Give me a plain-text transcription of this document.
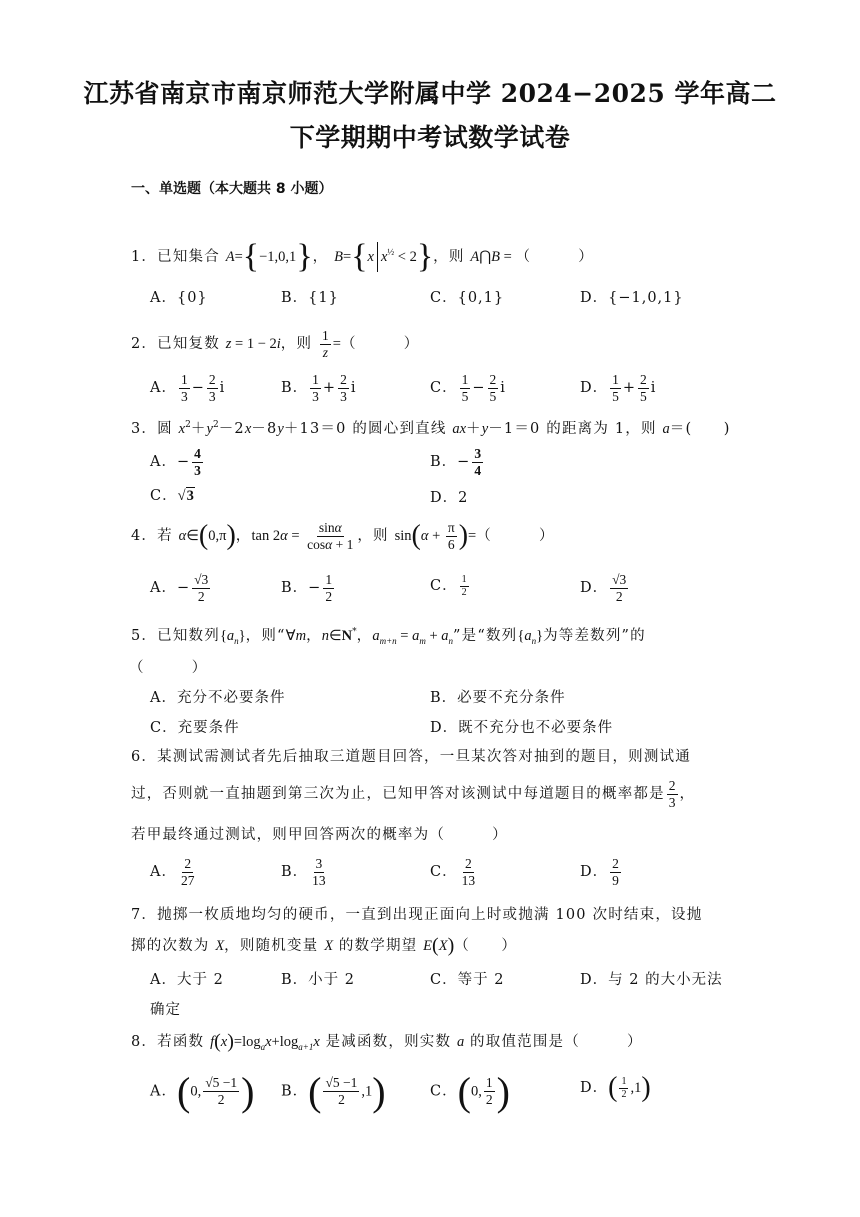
江苏省南京市南京师范大学附属中学 2024−2025 学年高二
下学期期中考试数学试卷
一、单选题（本大题共 8 小题）
1．已知集合 A={−1,0,1}， B={x $x^{\frac{1}{2}} < 2$}，则 A⋂B = （　　　）
A．{0}	B．{1}	C．{0,1}	D．{−1,0,1}
2．已知复数 z = 1 − 2i，则 $\frac{1}{z}$ =（　　　）
A． $\frac{1}{3} - \frac{2}{3}$ i	B． $\frac{1}{3} + \frac{2}{3}$ i	C． $\frac{1}{5} - \frac{2}{5}$ i	D． $\frac{1}{5} + \frac{2}{5}$ i
3．圆 $x^2+y^2-2x-8y+13=0$ 的圆心到直线 ax＋y－1＝0 的距离为 1，则 a＝(　　)
A．− $\frac{4}{3}$	B．− $\frac{3}{4}$
C．√3	D．2
4．若 α∈(0,π)，$\tan 2\alpha = \frac{\sin\alpha}{\cos\alpha + 1}$ ，则 $\sin(\alpha + \frac{\pi}{6}$ )=（　　　）
A．− $\frac{√3}{2}$	B．− $\frac{1}{2}$	C． $\frac{1}{2}$	D． $\frac{√3}{2}$
5．已知数列$\{a_n\}$，则“∀m，n∈N*，$a_{m+n} = a_m + a_n$”是“数列$\{a_n\}$为等差数列”的
（　　　）
A．充分不必要条件	B．必要不充分条件
C．充要条件	D．既不充分也不必要条件
6．某测试需测试者先后抽取三道题目回答，一旦某次答对抽到的题目，则测试通
过，否则就一直抽题到第三次为止，已知甲答对该测试中每道题目的概率都是 $\frac{2}{3}$ ，
若甲最终通过测试，则甲回答两次的概率为（　　　）
A． $\frac{2}{27}$	B． $\frac{3}{13}$	C． $\frac{2}{13}$	D． $\frac{2}{9}$
7．抛掷一枚质地均匀的硬币，一直到出现正面向上时或抛满 100 次时结束，设抛
掷的次数为 X，则随机变量 X 的数学期望 E(X)（　　）
A．大于 2	B．小于 2	C．等于 2	D．与 2 的大小无法
确定
8．若函数 $f(x)=\log_ax+\log_{a+1}x$ 是减函数，则实数 a 的取值范围是（　　　）
A．(0, $\frac{√5 -1}{2}$ ) B．( $\frac{√5 -1}{2} ,1$)	C．(0, $\frac{1}{2}$ )	D．( $\frac{1}{2} ,1$)
